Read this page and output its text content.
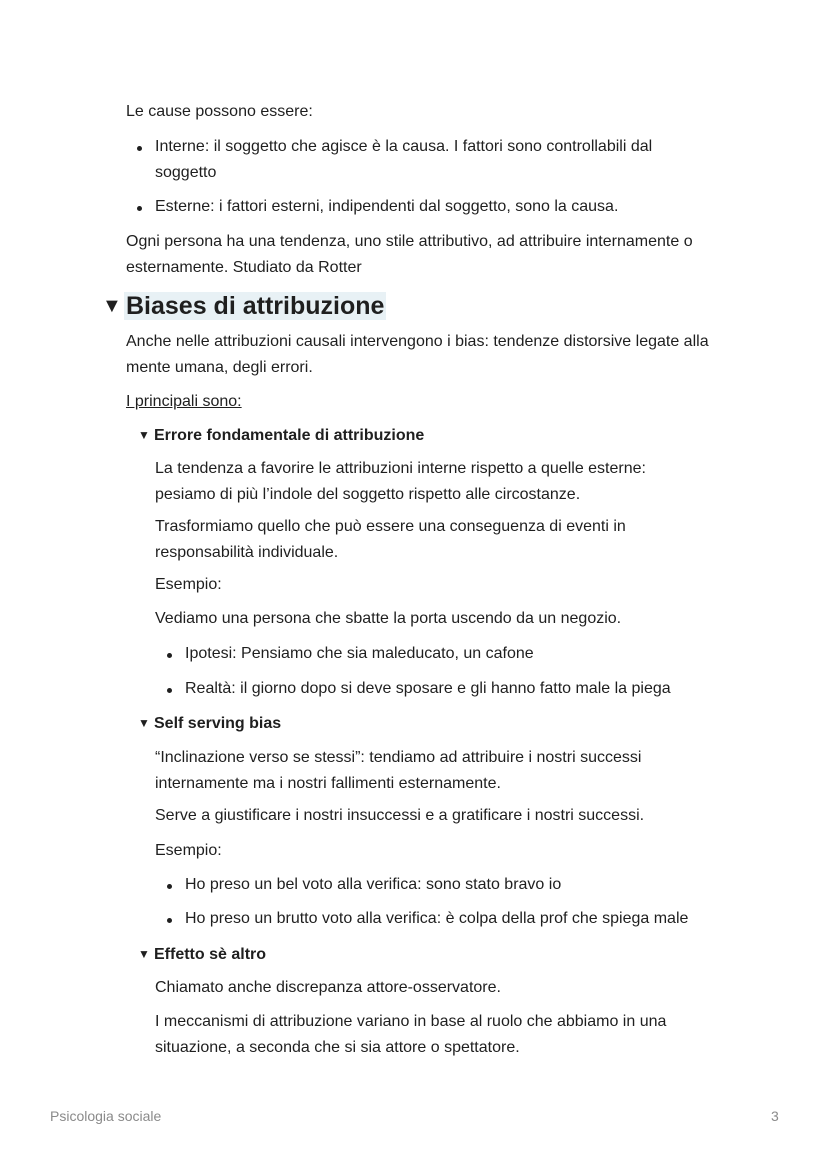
Le cause possono essere:

Interne: il soggetto che agisce è la causa. I fattori sono controllabili dal soggetto

Esterne: i fattori esterni, indipendenti dal soggetto, sono la causa.

Ogni persona ha una tendenza, uno stile attributivo, ad attribuire internamente o esternamente. Studiato da Rotter

▼ Biases di attribuzione

Anche nelle attribuzioni causali intervengono i bias: tendenze distorsive legate alla mente umana, degli errori.

I principali sono:

▼ Errore fondamentale di attribuzione

La tendenza a favorire le attribuzioni interne rispetto a quelle esterne: pesiamo di più l’indole del soggetto rispetto alle circostanze.

Trasformiamo quello che può essere una conseguenza di eventi in responsabilità individuale.

Esempio:

Vediamo una persona che sbatte la porta uscendo da un negozio.

Ipotesi: Pensiamo che sia maleducato, un cafone

Realtà: il giorno dopo si deve sposare e gli hanno fatto male la piega

▼ Self serving bias

“Inclinazione verso se stessi”: tendiamo ad attribuire i nostri successi internamente ma i nostri fallimenti esternamente.

Serve a giustificare i nostri insuccessi e a gratificare i nostri successi.

Esempio:

Ho preso un bel voto alla verifica: sono stato bravo io

Ho preso un brutto voto alla verifica: è colpa della prof che spiega male

▼ Effetto sè altro

Chiamato anche discrepanza attore-osservatore.

I meccanismi di attribuzione variano in base al ruolo che abbiamo in una situazione, a seconda che si sia attore o spettatore.

Psicologia sociale	3
